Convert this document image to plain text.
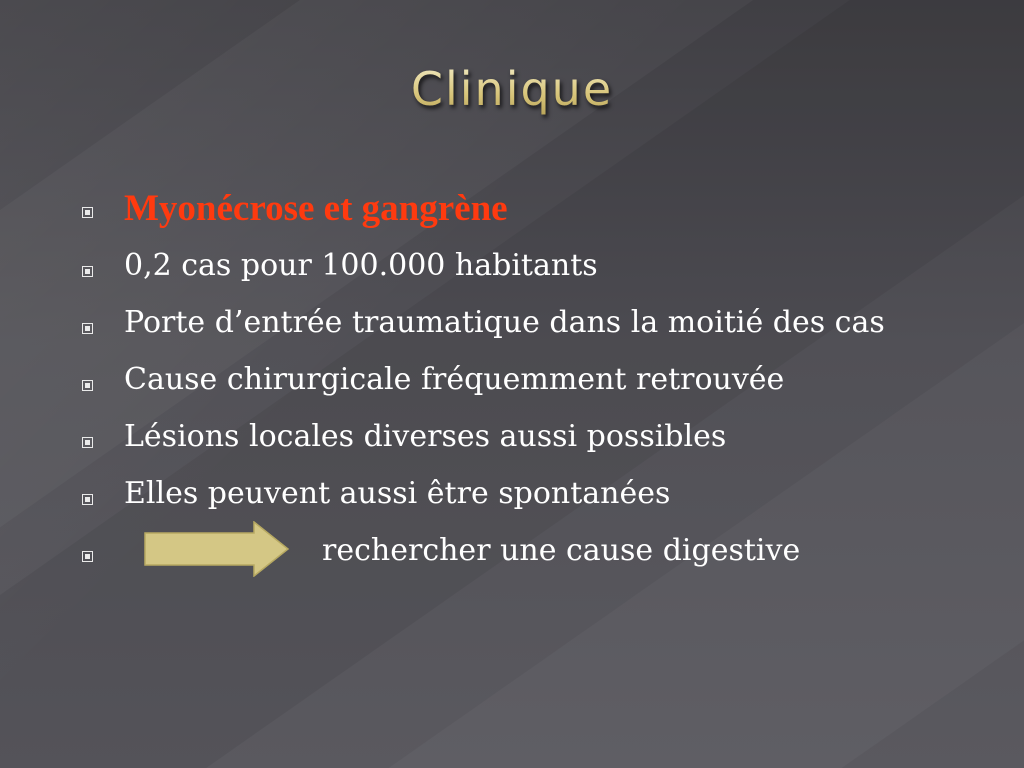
Clinique
Myonécrose et gangrène
0,2 cas pour 100.000 habitants
Porte d’entrée traumatique dans la moitié des cas
Cause chirurgicale fréquemment retrouvée
Lésions locales diverses aussi possibles
Elles peuvent aussi être spontanées
rechercher une cause digestive
